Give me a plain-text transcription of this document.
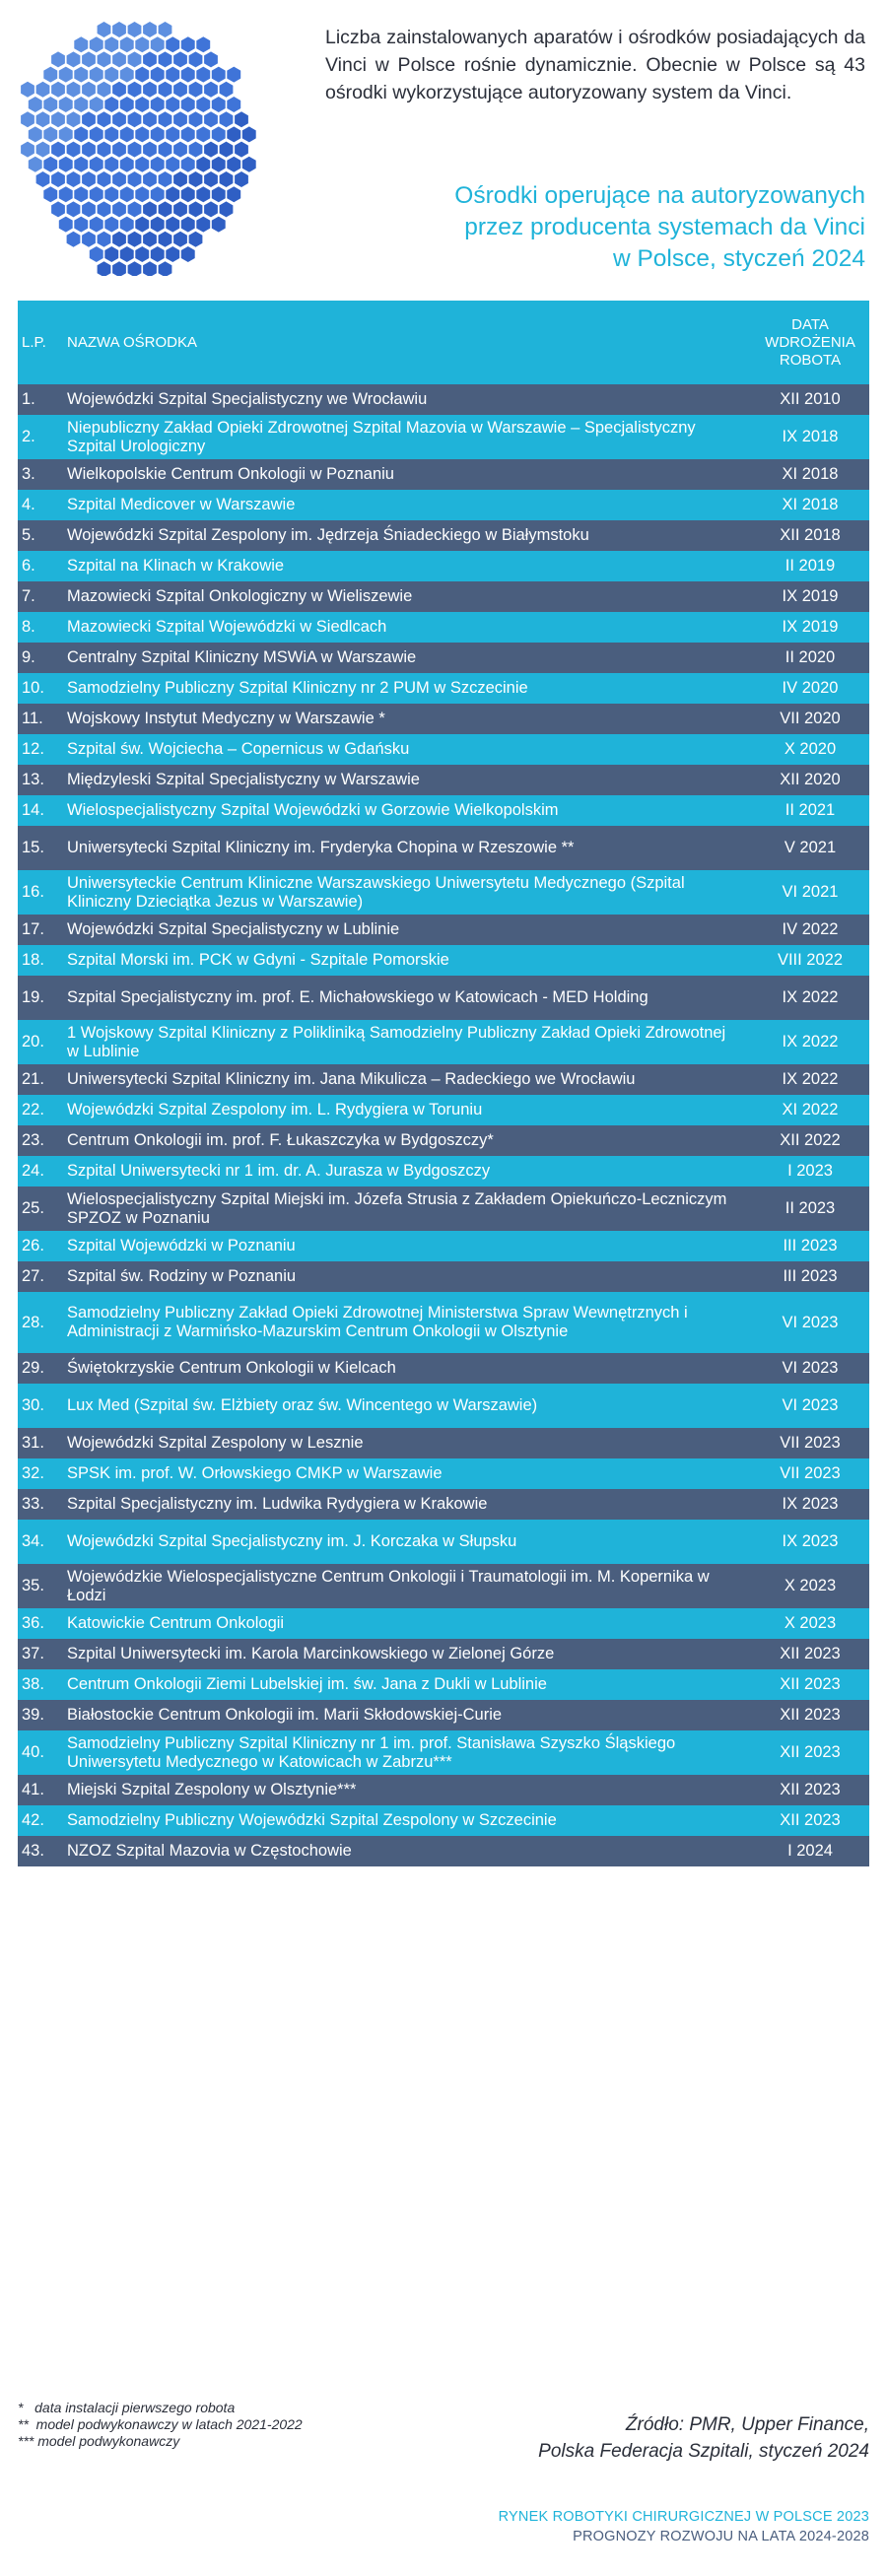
Liczba zainstalowanych aparatów i ośrodków posiadających da Vinci w Polsce rośnie dynamicznie. Obecnie w Polsce są 43 ośrodki wykorzystujące autoryzowany system da Vinci.
Ośrodki operujące na autoryzowanych
przez producenta systemach da Vinci
w Polsce, styczeń 2024
L.P.	NAZWA OŚRODKA	DATA
WDROŻENIA
ROBOTA

1.	Wojewódzki Szpital Specjalistyczny we Wrocławiu	XII 2010
2.	Niepubliczny Zakład Opieki Zdrowotnej Szpital Mazovia w Warszawie – Specjalistyczny Szpital Urologiczny	IX 2018
3.	Wielkopolskie Centrum Onkologii w Poznaniu	XI 2018
4.	Szpital Medicover w Warszawie	XI 2018
5.	Wojewódzki Szpital Zespolony im. Jędrzeja Śniadeckiego w Białymstoku	XII 2018
6.	Szpital na Klinach w Krakowie	II 2019
7.	Mazowiecki Szpital Onkologiczny w Wieliszewie	IX 2019
8.	Mazowiecki Szpital Wojewódzki w Siedlcach	IX 2019
9.	Centralny Szpital Kliniczny MSWiA w Warszawie	II 2020
10.	Samodzielny Publiczny Szpital Kliniczny nr 2 PUM w Szczecinie	IV 2020
11.	Wojskowy Instytut Medyczny w Warszawie *	VII 2020
12.	Szpital św. Wojciecha – Copernicus w Gdańsku	X 2020
13.	Międzyleski Szpital Specjalistyczny w Warszawie	XII 2020
14.	Wielospecjalistyczny Szpital Wojewódzki w Gorzowie Wielkopolskim	II 2021
15.	Uniwersytecki Szpital Kliniczny im. Fryderyka Chopina w Rzeszowie **	V 2021
16.	Uniwersyteckie Centrum Kliniczne Warszawskiego Uniwersytetu Medycznego (Szpital Kliniczny Dzieciątka Jezus w Warszawie)	VI 2021
17.	Wojewódzki Szpital Specjalistyczny w Lublinie	IV 2022
18.	Szpital Morski im. PCK w Gdyni - Szpitale Pomorskie	VIII 2022
19.	Szpital Specjalistyczny im. prof. E. Michałowskiego w Katowicach - MED Holding	IX 2022
20.	1 Wojskowy Szpital Kliniczny z Polikliniką Samodzielny Publiczny Zakład Opieki Zdrowotnej w Lublinie	IX 2022
21.	Uniwersytecki Szpital Kliniczny im. Jana Mikulicza – Radeckiego we Wrocławiu	IX 2022
22.	Wojewódzki Szpital Zespolony im. L. Rydygiera w Toruniu	XI 2022
23.	Centrum Onkologii im. prof. F. Łukaszczyka w Bydgoszczy*	XII 2022
24.	Szpital Uniwersytecki nr 1 im. dr. A. Jurasza w Bydgoszczy	I 2023
25.	Wielospecjalistyczny Szpital Miejski im. Józefa Strusia z Zakładem Opiekuńczo-Leczniczym SPZOZ w Poznaniu	II 2023
26.	Szpital Wojewódzki w Poznaniu	III 2023
27.	Szpital św. Rodziny w Poznaniu	III 2023
28.	Samodzielny Publiczny Zakład Opieki Zdrowotnej Ministerstwa Spraw Wewnętrznych i Administracji z Warmińsko-Mazurskim Centrum Onkologii w Olsztynie	VI 2023
29.	Świętokrzyskie Centrum Onkologii w Kielcach	VI 2023
30.	Lux Med (Szpital św. Elżbiety oraz św. Wincentego w Warszawie)	VI 2023
31.	Wojewódzki Szpital Zespolony w Lesznie	VII 2023
32.	SPSK im. prof. W. Orłowskiego CMKP w Warszawie	VII 2023
33.	Szpital Specjalistyczny im. Ludwika Rydygiera w Krakowie	IX 2023
34.	Wojewódzki Szpital Specjalistyczny im. J. Korczaka w Słupsku	IX 2023
35.	Wojewódzkie Wielospecjalistyczne Centrum Onkologii i Traumatologii im. M. Kopernika w Łodzi	X 2023
36.	Katowickie Centrum Onkologii	X 2023
37.	Szpital Uniwersytecki im. Karola Marcinkowskiego w Zielonej Górze	XII 2023
38.	Centrum Onkologii Ziemi Lubelskiej im. św. Jana z Dukli w Lublinie	XII 2023
39.	Białostockie Centrum Onkologii im. Marii Skłodowskiej-Curie	XII 2023
40.	Samodzielny Publiczny Szpital Kliniczny nr 1 im. prof. Stanisława Szyszko Śląskiego Uniwersytetu Medycznego w Katowicach w Zabrzu***	XII 2023
41.	Miejski Szpital Zespolony w Olsztynie***	XII 2023
42.	Samodzielny Publiczny Wojewódzki Szpital Zespolony w Szczecinie	XII 2023
43.	NZOZ Szpital Mazovia w Częstochowie	I 2024
*   data instalacji pierwszego robota
**  model podwykonawczy w latach 2021-2022
*** model podwykonawczy
Źródło: PMR, Upper Finance,
Polska Federacja Szpitali, styczeń 2024
RYNEK ROBOTYKI CHIRURGICZNEJ W POLSCE 2023
PROGNOZY ROZWOJU NA LATA 2024-2028
